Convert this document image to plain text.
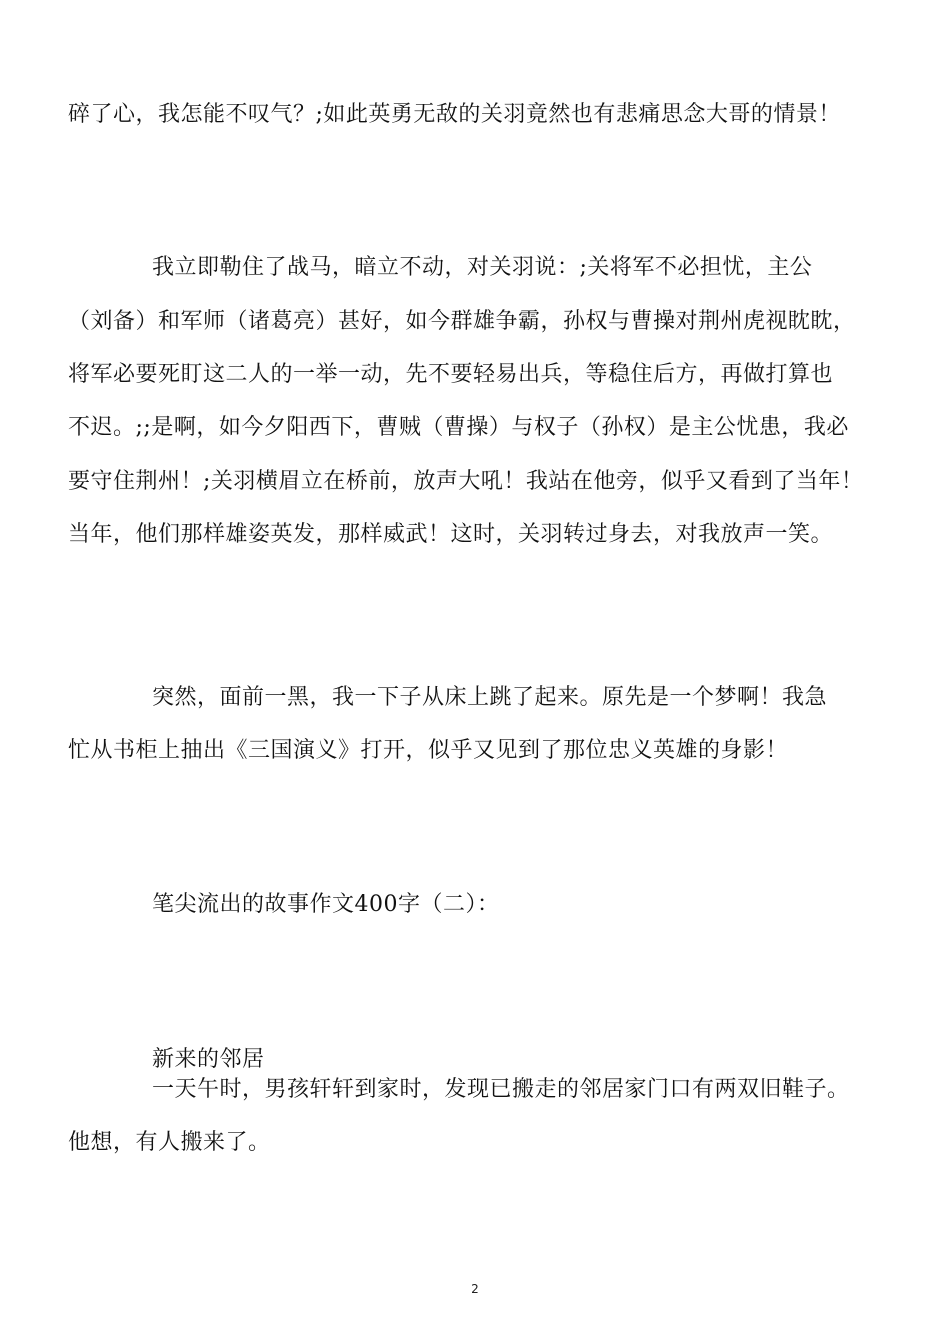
碎了心，我怎能不叹气？;如此英勇无敌的关羽竟然也有悲痛思念大哥的情景！
我立即勒住了战马，暗立不动，对关羽说：;关将军不必担忧，主公
（刘备）和军师（诸葛亮）甚好，如今群雄争霸，孙权与曹操对荆州虎视眈眈，
将军必要死盯这二人的一举一动，先不要轻易出兵，等稳住后方，再做打算也
不迟。;;是啊，如今夕阳西下，曹贼（曹操）与权子（孙权）是主公忧患，我必
要守住荆州！;关羽横眉立在桥前，放声大吼！我站在他旁，似乎又看到了当年！
当年，他们那样雄姿英发，那样威武！这时，关羽转过身去，对我放声一笑。
突然，面前一黑，我一下子从床上跳了起来。原先是一个梦啊！我急
忙从书柜上抽出《三国演义》打开，似乎又见到了那位忠义英雄的身影！
笔尖流出的故事作文400字（二）：
新来的邻居
一天午时，男孩轩轩到家时，发现已搬走的邻居家门口有两双旧鞋子。
他想，有人搬来了。
2
